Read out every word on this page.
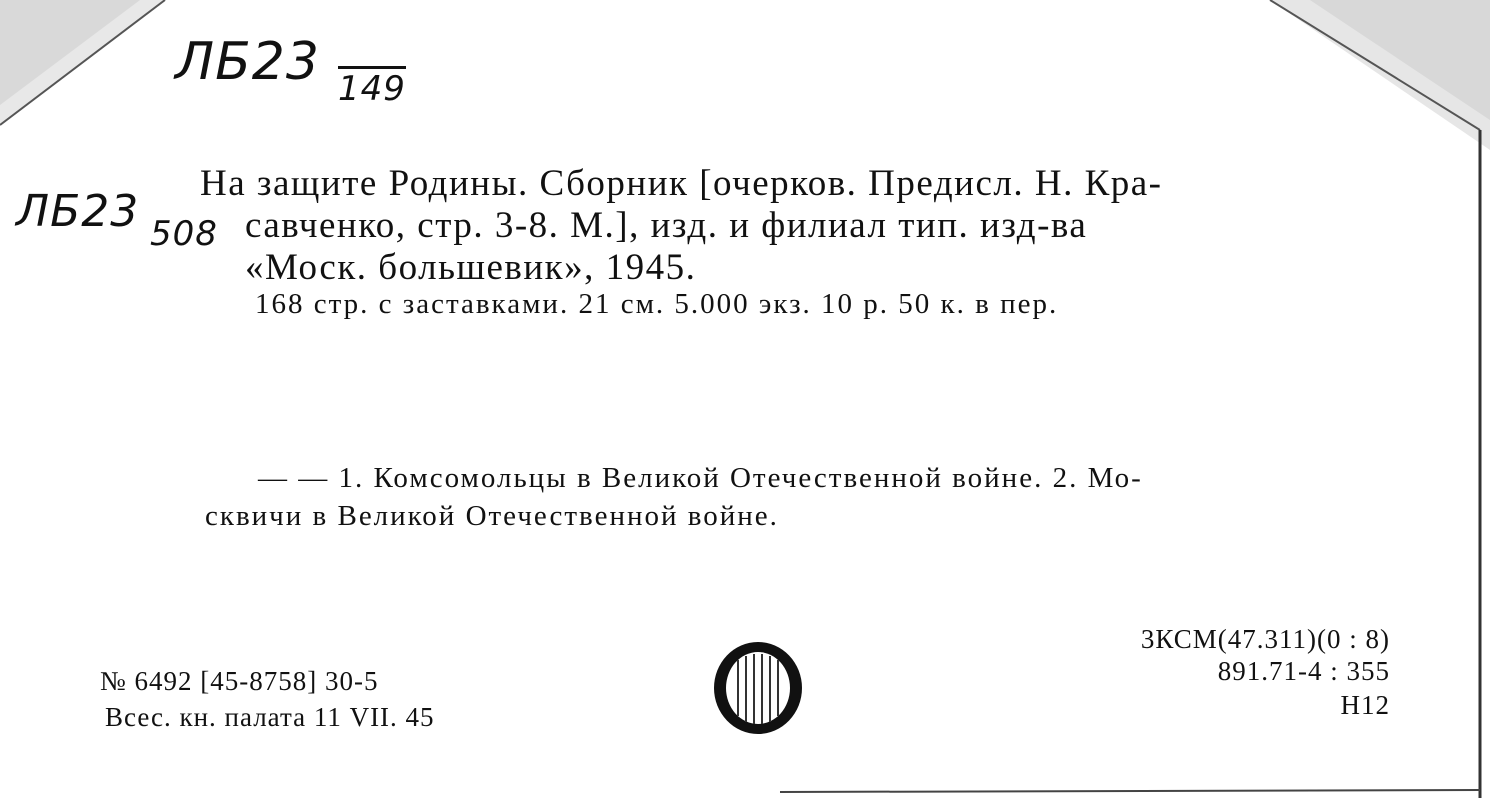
ЛБ23 149
ЛБ23 508
На защите Родины. Сборник [очерков. Предисл. Н. Кра-
савченко, стр. 3-8. М.], изд. и филиал тип. изд-ва
«Моск. большевик», 1945.
168 стр. с заставками. 21 см. 5.000 экз. 10 р. 50 к. в пер.
— — 1. Комсомольцы в Великой Отечественной войне. 2. Мо-
сквичи в Великой Отечественной войне.
№ 6492 [45-8758] 30-5
Всес. кн. палата 11 VII. 45
3КСМ(47.311)(0 : 8)
891.71-4 : 355
Н12
